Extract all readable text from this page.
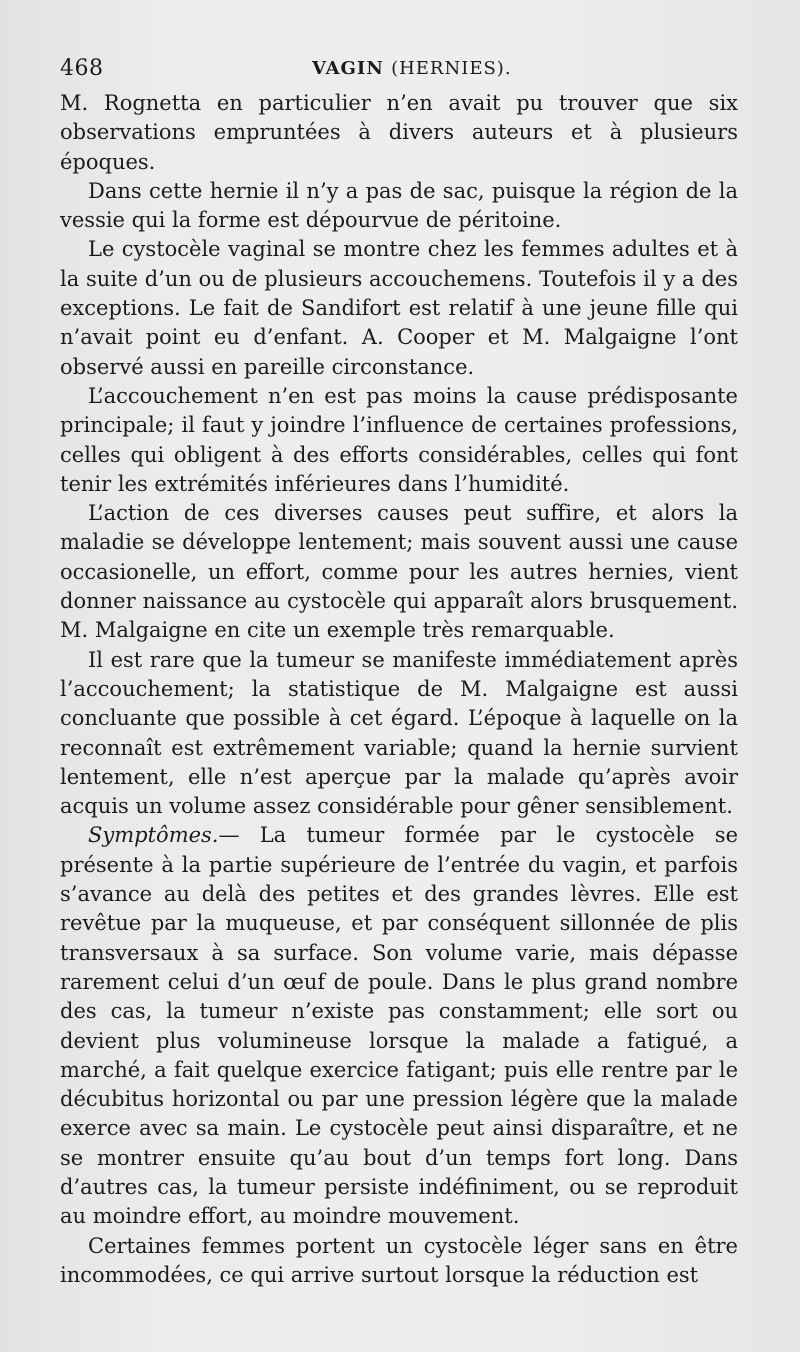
468	VAGIN (HERNIES).

M. Rognetta en particulier n’en avait pu trouver que six observations empruntées à divers auteurs et à plusieurs époques.

Dans cette hernie il n’y a pas de sac, puisque la région de la vessie qui la forme est dépourvue de péritoine.

Le cystocèle vaginal se montre chez les femmes adultes et à la suite d’un ou de plusieurs accouchemens. Toutefois il y a des exceptions. Le fait de Sandifort est relatif à une jeune fille qui n’avait point eu d’enfant. A. Cooper et M. Malgaigne l’ont observé aussi en pareille circonstance.

L’accouchement n’en est pas moins la cause prédisposante principale; il faut y joindre l’influence de certaines professions, celles qui obligent à des efforts considérables, celles qui font tenir les extrémités inférieures dans l’humidité.

L’action de ces diverses causes peut suffire, et alors la maladie se développe lentement; mais souvent aussi une cause occasionelle, un effort, comme pour les autres hernies, vient donner naissance au cystocèle qui apparaît alors brusquement. M. Malgaigne en cite un exemple très remarquable.

Il est rare que la tumeur se manifeste immédiatement après l’accouchement; la statistique de M. Malgaigne est aussi concluante que possible à cet égard. L’époque à laquelle on la reconnaît est extrêmement variable; quand la hernie survient lentement, elle n’est aperçue par la malade qu’après avoir acquis un volume assez considérable pour gêner sensiblement.

Symptômes.— La tumeur formée par le cystocèle se présente à la partie supérieure de l’entrée du vagin, et parfois s’avance au delà des petites et des grandes lèvres. Elle est revêtue par la muqueuse, et par conséquent sillonnée de plis transversaux à sa surface. Son volume varie, mais dépasse rarement celui d’un œuf de poule. Dans le plus grand nombre des cas, la tumeur n’existe pas constamment; elle sort ou devient plus volumineuse lorsque la malade a fatigué, a marché, a fait quelque exercice fatigant; puis elle rentre par le décubitus horizontal ou par une pression légère que la malade exerce avec sa main. Le cystocèle peut ainsi disparaître, et ne se montrer ensuite qu’au bout d’un temps fort long. Dans d’autres cas, la tumeur persiste indéfiniment, ou se reproduit au moindre effort, au moindre mouvement.

Certaines femmes portent un cystocèle léger sans en être incommodées, ce qui arrive surtout lorsque la réduction est
